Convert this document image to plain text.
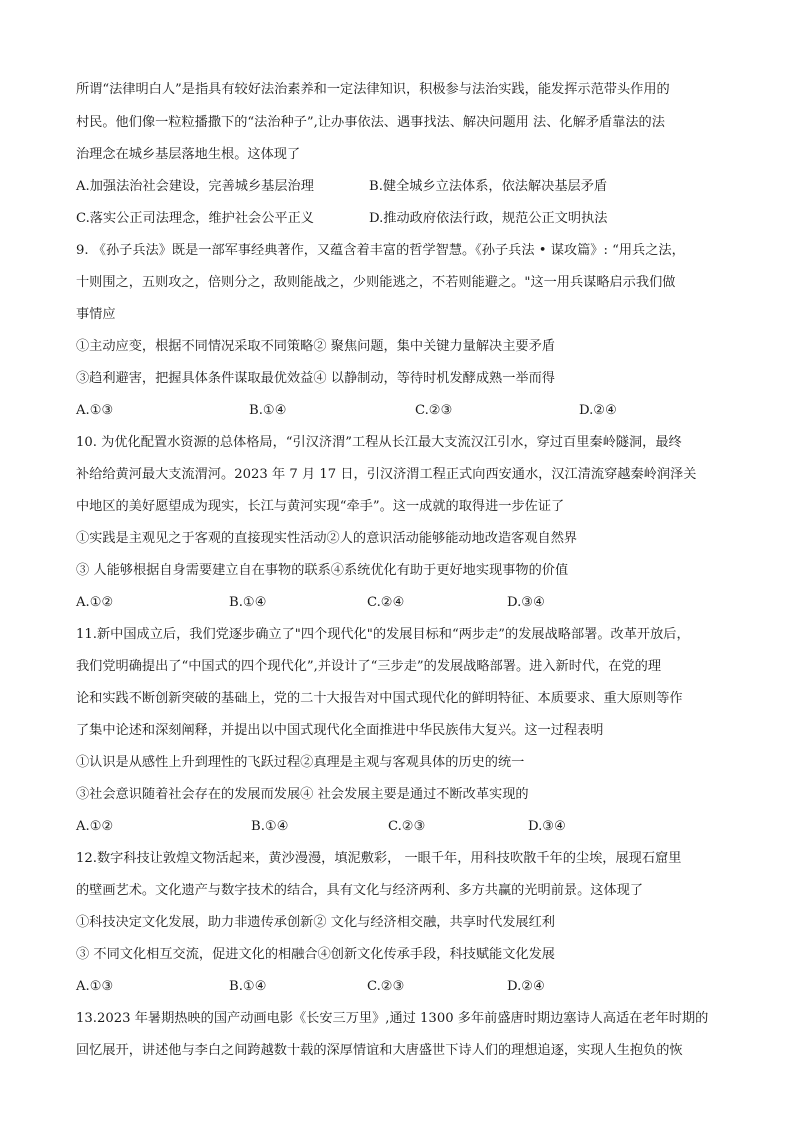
所谓“法律明白人”是指具有较好法治素养和一定法律知识，积极参与法治实践，能发挥示范带头作用的
村民。他们像一粒粒播撒下的“法治种子”,让办事依法、遇事找法、解决问题用 法、化解矛盾靠法的法
治理念在城乡基层落地生根。这体现了
A.加强法治社会建设，完善城乡基层治理	B.健全城乡立法体系，依法解决基层矛盾
C.落实公正司法理念，维护社会公平正义	D.推动政府依法行政，规范公正文明执法
9. 《孙子兵法》既是一部军事经典著作，又蕴含着丰富的哲学智慧。《孙子兵法 • 谋攻篇》: “用兵之法，
十则围之，五则攻之，倍则分之，敌则能战之，少则能逃之，不若则能避之。"这一用兵谋略启示我们做
事情应
①主动应变，根据不同情况采取不同策略② 聚焦问题，集中关键力量解决主要矛盾
③趋利避害，把握具体条件谋取最优效益④ 以静制动，等待时机发酵成熟一举而得
A.①③	B.①④	C.②③	D.②④
10. 为优化配置水资源的总体格局，“引汉济渭”工程从长江最大支流汉江引水，穿过百里秦岭隧洞，最终
补给给黄河最大支流渭河。2023 年 7 月 17 日，引汉济渭工程正式向西安通水，汉江清流穿越秦岭润泽关
中地区的美好愿望成为现实，长江与黄河实现“牵手”。这一成就的取得进一步佐证了
①实践是主观见之于客观的直接现实性活动②人的意识活动能够能动地改造客观自然界
③ 人能够根据自身需要建立自在事物的联系④系统优化有助于更好地实现事物的价值
A.①②	B.①④	C.②④	D.③④
11.新中国成立后，我们党逐步确立了"四个现代化"的发展目标和“两步走”的发展战略部署。改革开放后，
我们党明确提出了“中国式的四个现代化”,并设计了“三步走”的发展战略部署。进入新时代，在党的理
论和实践不断创新突破的基础上，党的二十大报告对中国式现代化的鲜明特征、本质要求、重大原则等作
了集中论述和深刻阐释，并提出以中国式现代化全面推进中华民族伟大复兴。这一过程表明
①认识是从感性上升到理性的飞跃过程②真理是主观与客观具体的历史的统一
③社会意识随着社会存在的发展而发展④ 社会发展主要是通过不断改革实现的
A.①②	B.①④	C.②③	D.③④
12.数字科技让敦煌文物活起来，黄沙漫漫，填泥敷彩， 一眼千年，用科技吹散千年的尘埃，展现石窟里
的壁画艺术。文化遗产与数字技术的结合，具有文化与经济两利、多方共赢的光明前景。这体现了
①科技决定文化发展，助力非遗传承创新② 文化与经济相交融，共享时代发展红利
③ 不同文化相互交流，促进文化的相融合④创新文化传承手段，科技赋能文化发展
A.①③	B.①④	C.②③	D.②④
13.2023 年暑期热映的国产动画电影《长安三万里》,通过 1300 多年前盛唐时期边塞诗人高适在老年时期的
回忆展开，讲述他与李白之间跨越数十载的深厚情谊和大唐盛世下诗人们的理想追逐，实现人生抱负的恢
